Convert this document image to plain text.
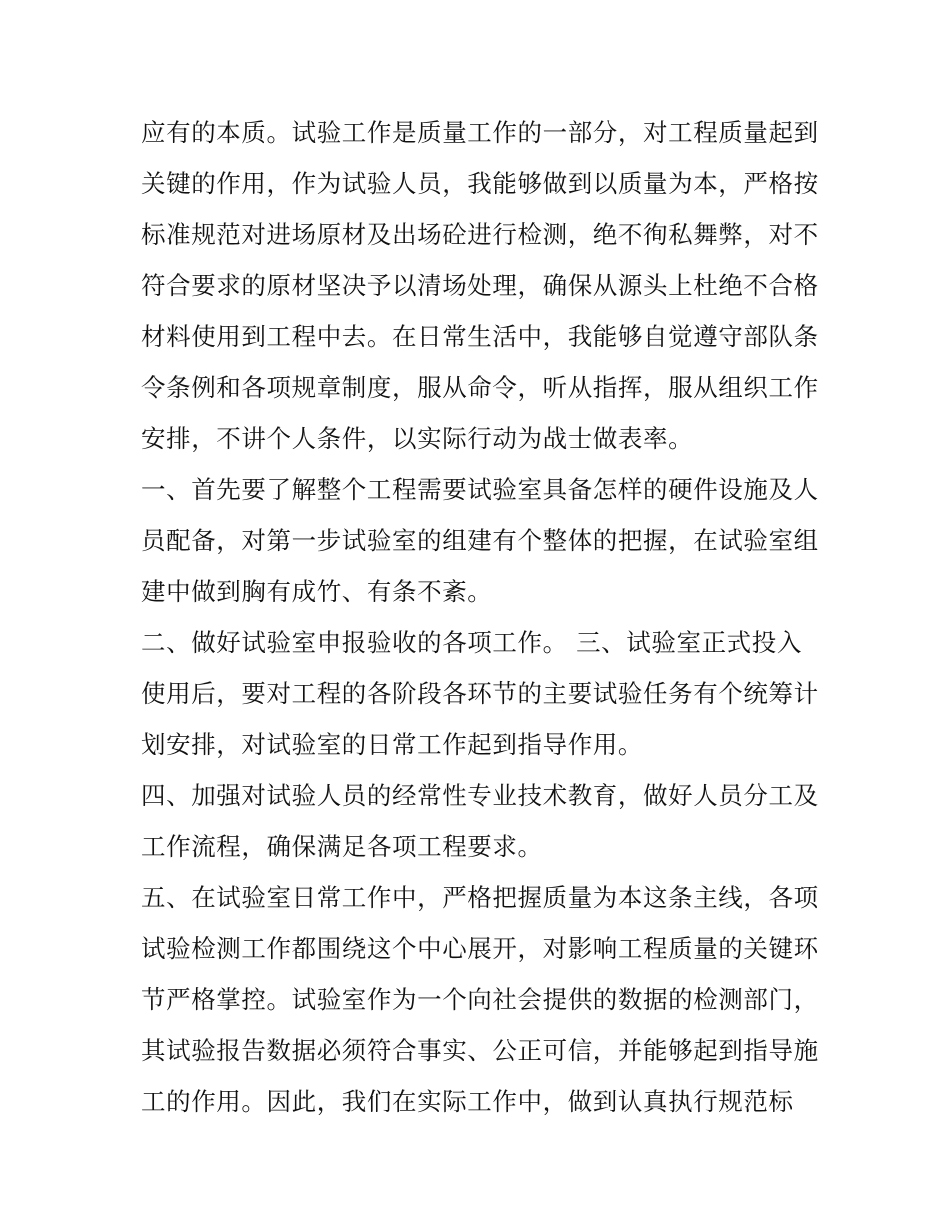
应有的本质。试验工作是质量工作的一部分，对工程质量起到
关键的作用，作为试验人员，我能够做到以质量为本，严格按
标准规范对进场原材及出场砼进行检测，绝不徇私舞弊，对不
符合要求的原材坚决予以清场处理，确保从源头上杜绝不合格
材料使用到工程中去。在日常生活中，我能够自觉遵守部队条
令条例和各项规章制度，服从命令，听从指挥，服从组织工作
安排，不讲个人条件，以实际行动为战士做表率。
一、首先要了解整个工程需要试验室具备怎样的硬件设施及人
员配备，对第一步试验室的组建有个整体的把握，在试验室组
建中做到胸有成竹、有条不紊。
二、做好试验室申报验收的各项工作。 三、试验室正式投入
使用后，要对工程的各阶段各环节的主要试验任务有个统筹计
划安排，对试验室的日常工作起到指导作用。
四、加强对试验人员的经常性专业技术教育，做好人员分工及
工作流程，确保满足各项工程要求。
五、在试验室日常工作中，严格把握质量为本这条主线，各项
试验检测工作都围绕这个中心展开，对影响工程质量的关键环
节严格掌控。试验室作为一个向社会提供的数据的检测部门，
其试验报告数据必须符合事实、公正可信，并能够起到指导施
工的作用。因此，我们在实际工作中，做到认真执行规范标
